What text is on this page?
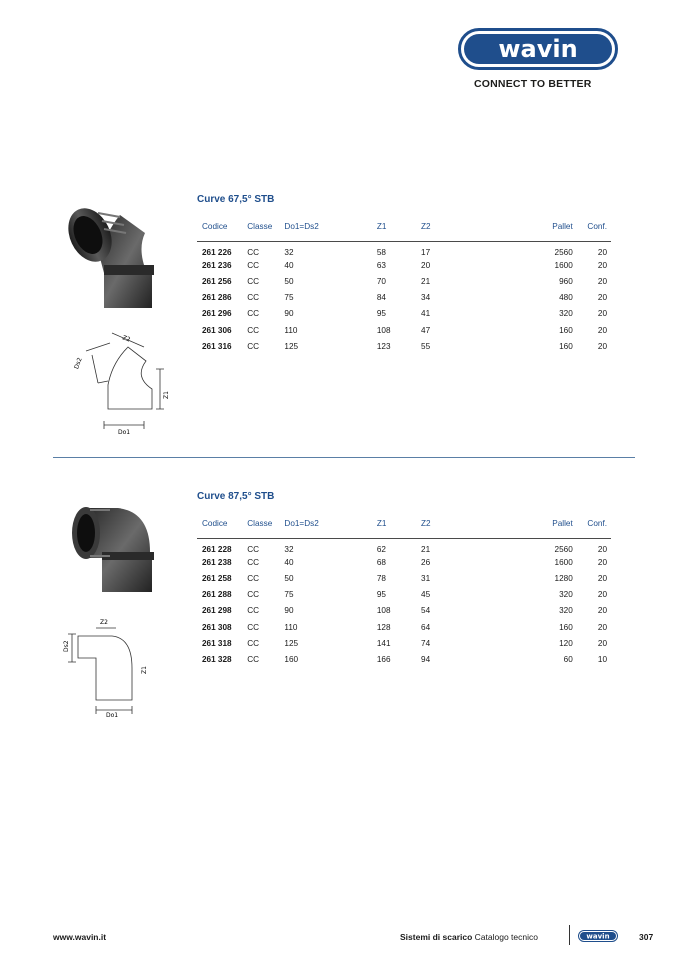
wavin
CONNECT TO BETTER
Curve 67,5° STB
Ds2
Z2
Z1
Do1
Codice	Classe	Do1=Ds2	Z1	Z2	Pallet	Conf.
261 226	CC	32	58	17	2560	20
261 236	CC	40	63	20	1600	20
261 256	CC	50	70	21	960	20
261 286	CC	75	84	34	480	20
261 296	CC	90	95	41	320	20
261 306	CC	110	108	47	160	20
261 316	CC	125	123	55	160	20
Curve 87,5° STB
Ds2
Z2
Z1
Do1
Codice	Classe	Do1=Ds2	Z1	Z2	Pallet	Conf.
261 228	CC	32	62	21	2560	20
261 238	CC	40	68	26	1600	20
261 258	CC	50	78	31	1280	20
261 288	CC	75	95	45	320	20
261 298	CC	90	108	54	320	20
261 308	CC	110	128	64	160	20
261 318	CC	125	141	74	120	20
261 328	CC	160	166	94	60	10
www.wavin.it	Sistemi di scarico Catalogo tecnico	wavin	307
